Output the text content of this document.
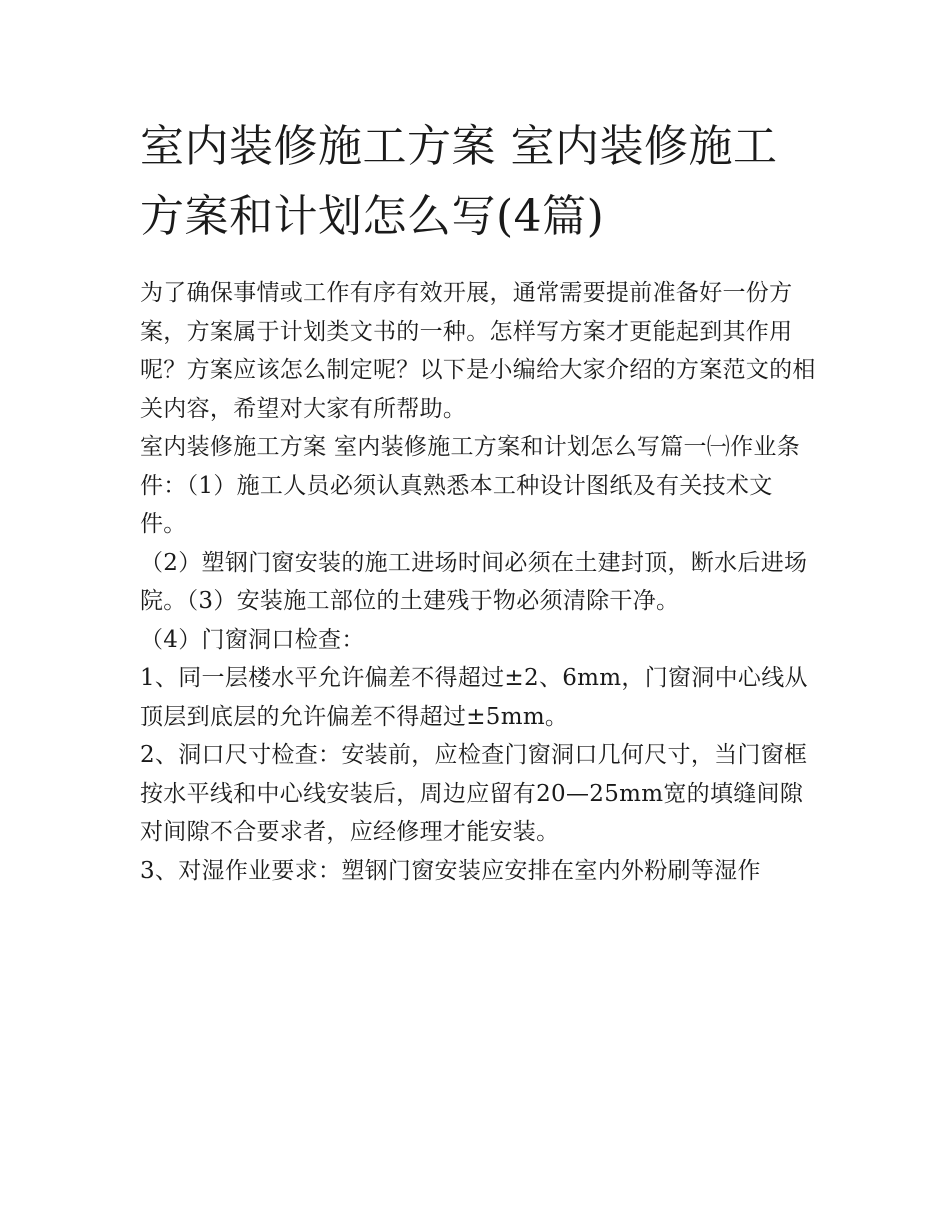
室内装修施工方案 室内装修施工方案和计划怎么写(4篇)

为了确保事情或工作有序有效开展，通常需要提前准备好一份方案，方案属于计划类文书的一种。怎样写方案才更能起到其作用呢？方案应该怎么制定呢？以下是小编给大家介绍的方案范文的相关内容，希望对大家有所帮助。

室内装修施工方案 室内装修施工方案和计划怎么写篇一㈠作业条件：（1）施工人员必须认真熟悉本工种设计图纸及有关技术文件。

（2）塑钢门窗安装的施工进场时间必须在土建封顶，断水后进场院。（3）安装施工部位的土建残于物必须清除干净。

（4）门窗洞口检查：

1、同一层楼水平允许偏差不得超过±2、6mm，门窗洞中心线从顶层到底层的允许偏差不得超过±5mm。

2、洞口尺寸检查：安装前，应检查门窗洞口几何尺寸，当门窗框按水平线和中心线安装后，周边应留有20—25mm宽的填缝间隙对间隙不合要求者，应经修理才能安装。

3、对湿作业要求：塑钢门窗安装应安排在室内外粉刷等湿作
